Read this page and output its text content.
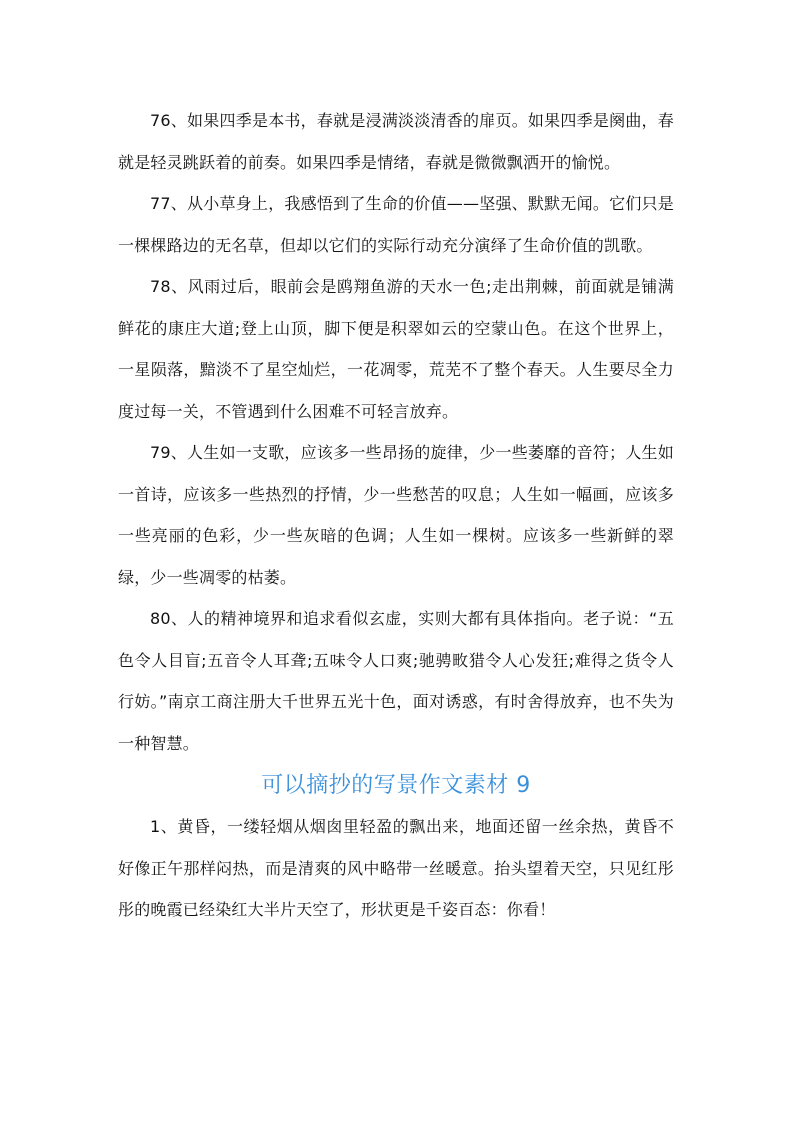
76、如果四季是本书，春就是浸满淡淡清香的扉页。如果四季是阕曲，春就是轻灵跳跃着的前奏。如果四季是情绪，春就是微微飘洒开的愉悦。

77、从小草身上，我感悟到了生命的价值——坚强、默默无闻。它们只是一棵棵路边的无名草，但却以它们的实际行动充分演绎了生命价值的凯歌。

78、风雨过后，眼前会是鸥翔鱼游的天水一色;走出荆棘，前面就是铺满鲜花的康庄大道;登上山顶，脚下便是积翠如云的空蒙山色。在这个世界上，一星陨落，黯淡不了星空灿烂，一花凋零，荒芜不了整个春天。人生要尽全力度过每一关，不管遇到什么困难不可轻言放弃。

79、人生如一支歌，应该多一些昂扬的旋律，少一些萎靡的音符；人生如一首诗，应该多一些热烈的抒情，少一些愁苦的叹息；人生如一幅画，应该多一些亮丽的色彩，少一些灰暗的色调；人生如一棵树。应该多一些新鲜的翠绿，少一些凋零的枯萎。

80、人的精神境界和追求看似玄虚，实则大都有具体指向。老子说：“五色令人目盲;五音令人耳聋;五味令人口爽;驰骋畋猎令人心发狂;难得之货令人行妨。”南京工商注册大千世界五光十色，面对诱惑，有时舍得放弃，也不失为一种智慧。

可以摘抄的写景作文素材 9

1、黄昏，一缕轻烟从烟囱里轻盈的飘出来，地面还留一丝余热，黄昏不好像正午那样闷热，而是清爽的风中略带一丝暖意。抬头望着天空，只见红彤彤的晚霞已经染红大半片天空了，形状更是千姿百态：你看！
